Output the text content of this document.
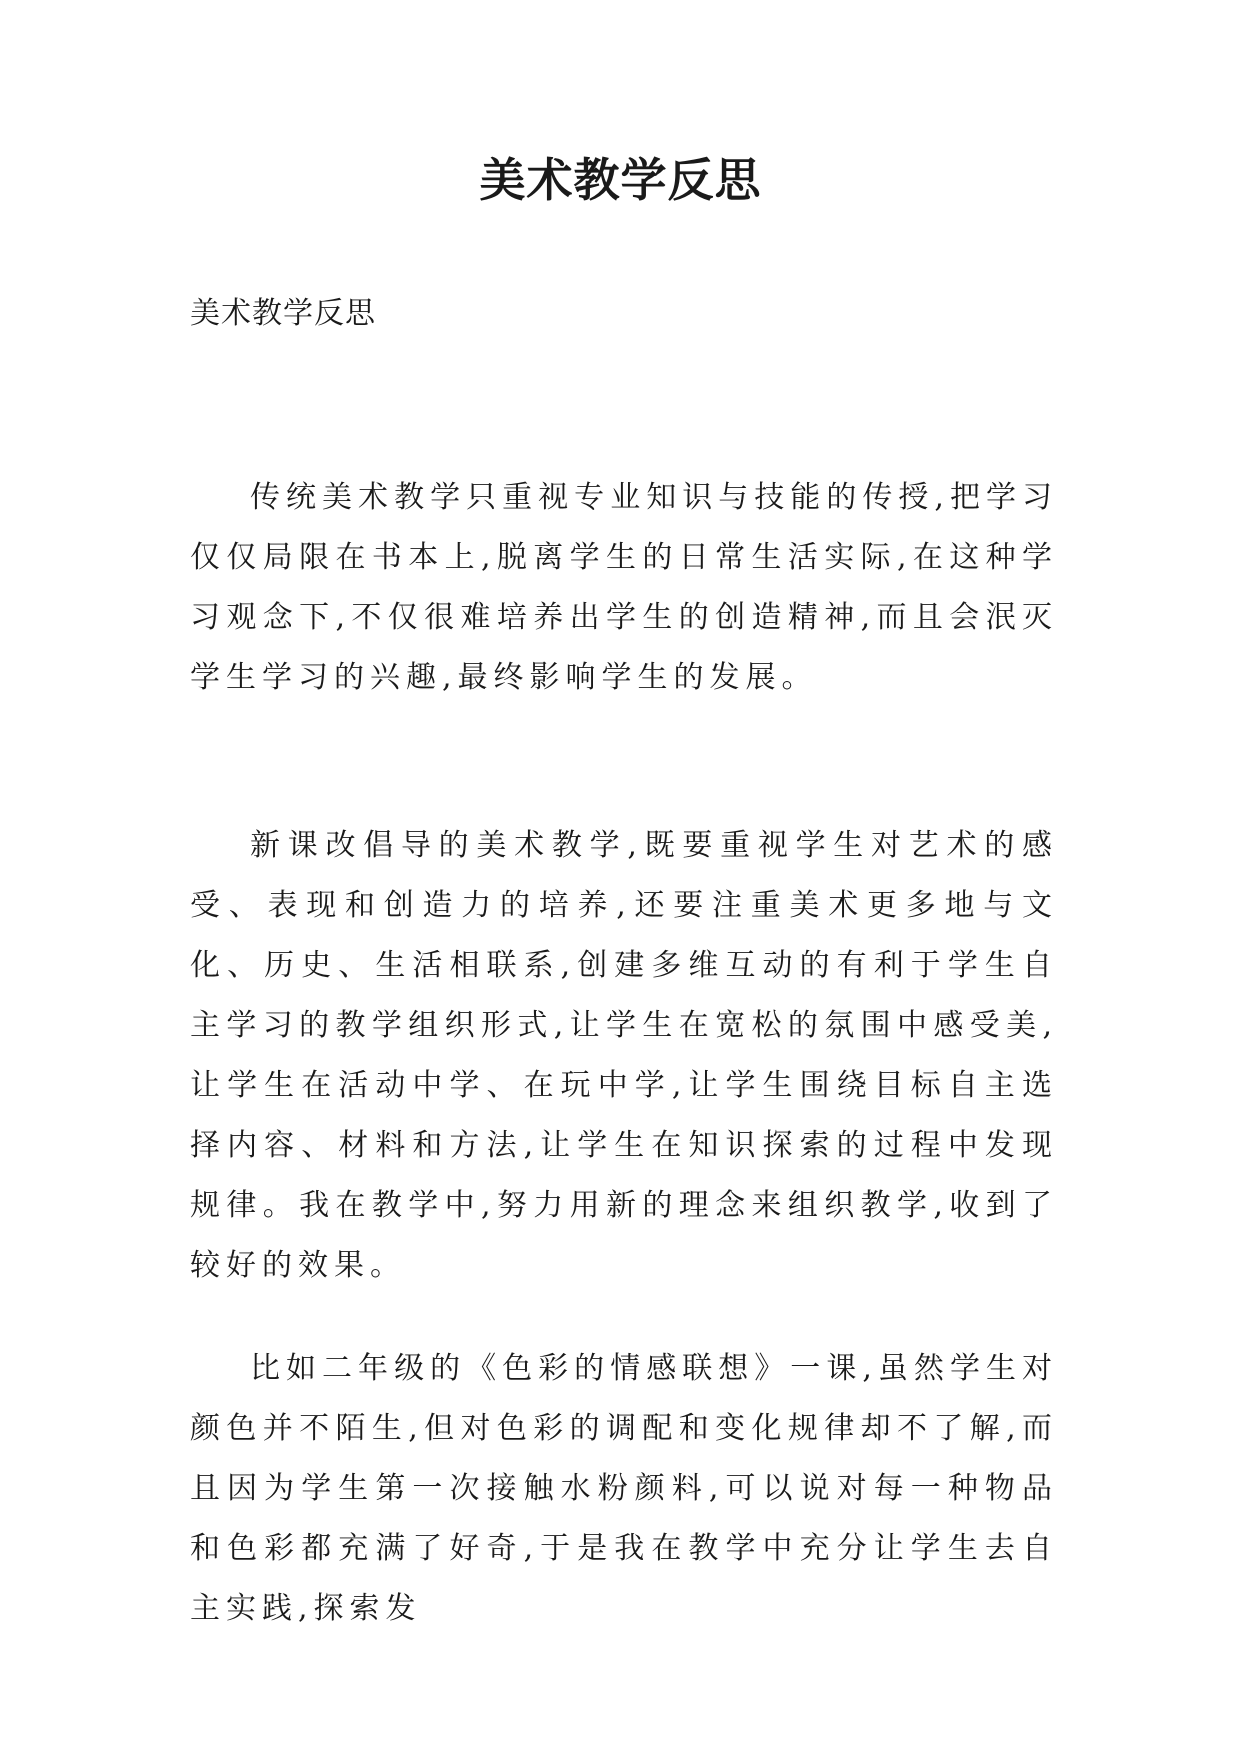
美术教学反思

美术教学反思

传统美术教学只重视专业知识与技能的传授,把学习仅仅局限在书本上,脱离学生的日常生活实际,在这种学习观念下,不仅很难培养出学生的创造精神,而且会泯灭学生学习的兴趣,最终影响学生的发展。

新课改倡导的美术教学,既要重视学生对艺术的感受、表现和创造力的培养,还要注重美术更多地与文化、历史、生活相联系,创建多维互动的有利于学生自主学习的教学组织形式,让学生在宽松的氛围中感受美,让学生在活动中学、在玩中学,让学生围绕目标自主选择内容、材料和方法,让学生在知识探索的过程中发现规律。我在教学中,努力用新的理念来组织教学,收到了较好的效果。

比如二年级的《色彩的情感联想》一课,虽然学生对颜色并不陌生,但对色彩的调配和变化规律却不了解,而且因为学生第一次接触水粉颜料,可以说对每一种物品和色彩都充满了好奇,于是我在教学中充分让学生去自主实践,探索发
